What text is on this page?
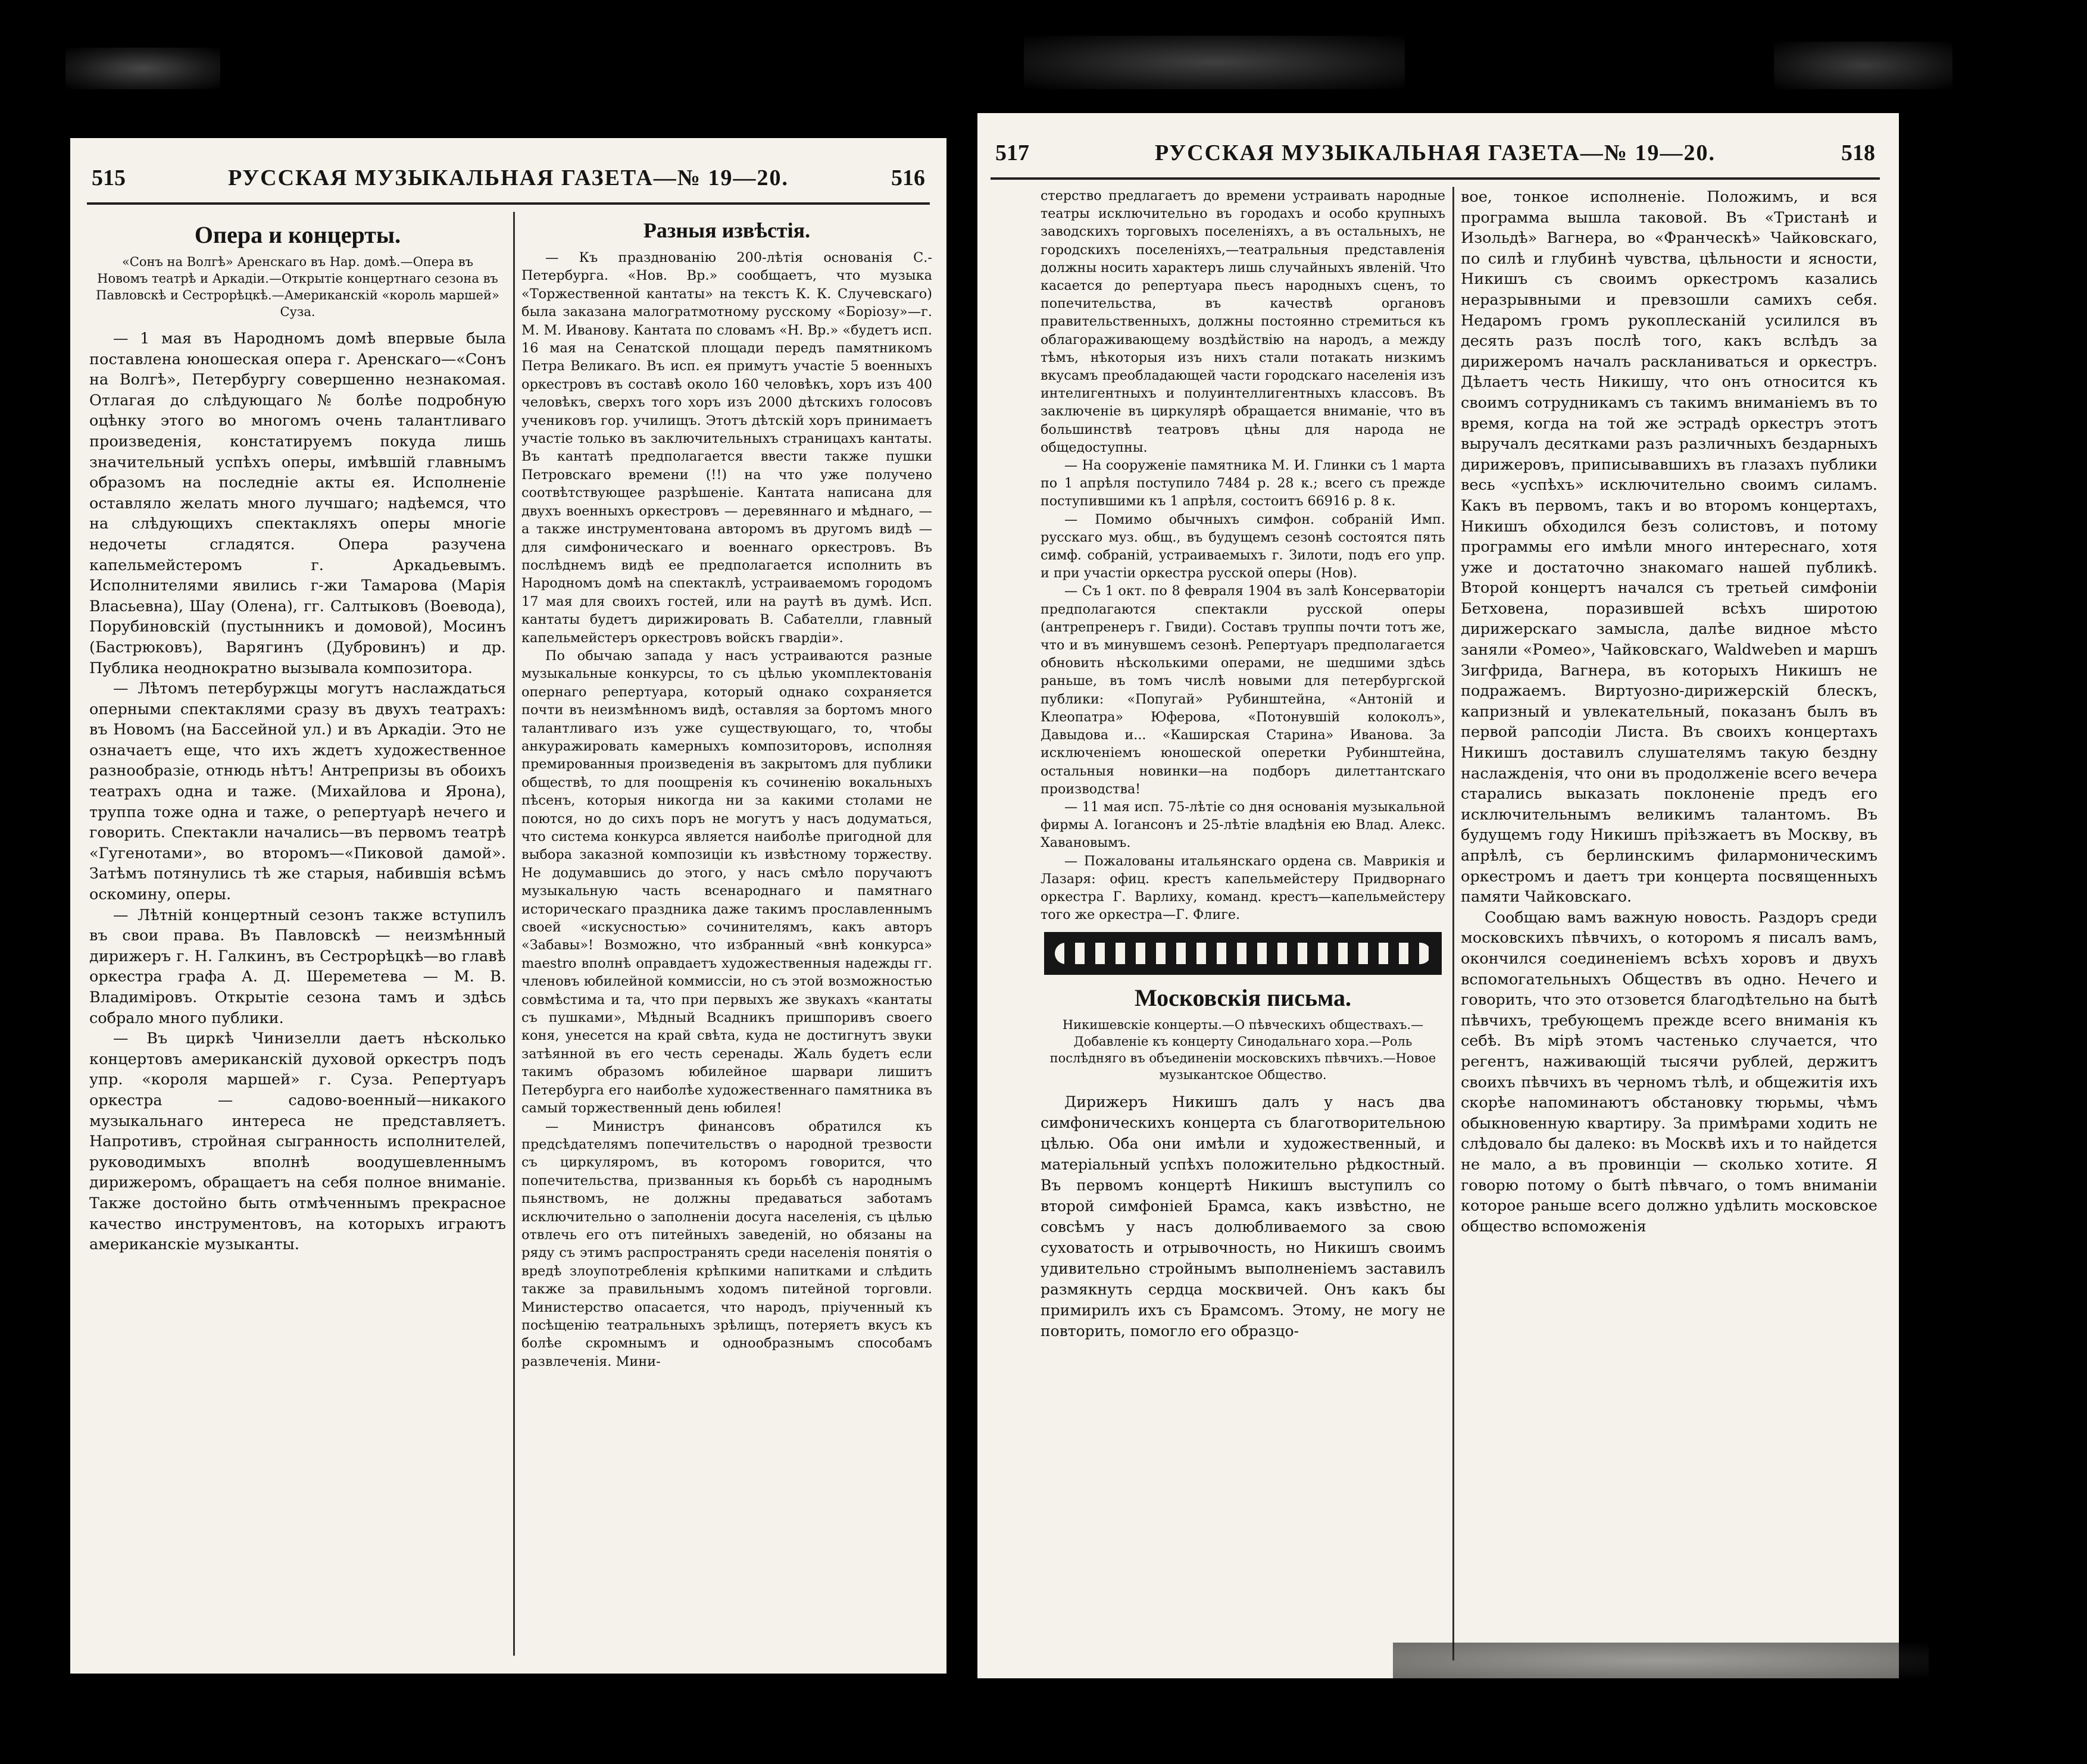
515	РУССКАЯ МУЗЫКАЛЬНАЯ ГАЗЕТА—№ 19—20.	516
Опера и концерты.
«Сонъ на Волгѣ» Аренскаго въ Нар. домѣ.—Опера въ Новомъ театрѣ и Аркадiи.—Открытiе концертнаго сезона въ Павловскѣ и Сестрорѣцкѣ.—Американскiй «король маршей» Суза.

— 1 мая въ Народномъ домѣ впервые была поставлена юношеская опера г. Аренскаго—«Сонъ на Волгѣ», Петербургу совершенно незнакомая. Отлагая до слѣдующаго № болѣе подробную оцѣнку этого во многомъ очень талантливаго произведенiя, констатируемъ покуда лишь значительный успѣхъ оперы, имѣвшiй главнымъ образомъ на последнiе акты ея. Исполненiе оставляло желать много лучшаго; надѣемся, что на слѣдующихъ спектакляхъ оперы многiе недочеты сгладятся. Опера разучена капельмейстеромъ г. Аркадьевымъ. Исполнителями явились г-жи Тамарова (Марiя Власьевна), Шау (Олена), гг. Салтыковъ (Воевода), Порубиновскiй (пустынникъ и домовой), Мосинъ (Бастрюковъ), Варягинъ (Дубровинъ) и др. Публика неоднократно вызывала композитора.

— Лѣтомъ петербуржцы могутъ наслаждаться оперными спектаклями сразу въ двухъ театрахъ: въ Новомъ (на Бассейной ул.) и въ Аркадiи. Это не означаетъ еще, что ихъ ждетъ художественное разнообразiе, отнюдь нѣтъ! Антрепризы въ обоихъ театрахъ одна и таже. (Михайлова и Ярона), труппа тоже одна и таже, о репертуарѣ нечего и говорить. Спектакли начались—въ первомъ театрѣ «Гугенотами», во второмъ—«Пиковой дамой». Затѣмъ потянулись тѣ же старыя, набившiя всѣмъ оскомину, оперы.

— Лѣтнiй концертный сезонъ также вступилъ въ свои права. Въ Павловскѣ — неизмѣнный дирижеръ г. Н. Галкинъ, въ Сестрорѣцкѣ—во главѣ оркестра графа А. Д. Шереметева — М. В. Владимiровъ. Открытiе сезона тамъ и здѣсь собрало много публики.

— Въ циркѣ Чинизелли даетъ нѣсколько концертовъ американскiй духовой оркестръ подъ упр. «короля маршей» г. Суза. Репертуаръ оркестра — садово-военный—никакого музыкальнаго интереса не представляетъ. Напротивъ, стройная сыгранность исполнителей, руководимыхъ вполнѣ воодушевленнымъ дирижеромъ, обращаетъ на себя полное вниманiе. Также достойно быть отмѣченнымъ прекрасное качество инструментовъ, на которыхъ играютъ американскiе музыканты.

Разныя извѣстiя.

— Къ празднованiю 200-лѣтiя основанiя С.-Петербурга. «Нов. Вр.» сообщаетъ, что музыка «Торжественной кантаты» на текстъ К. К. Случевскаго) была заказана малогратмотному русскому «Борiозу»—г. М. М. Иванову. Кантата по словамъ «Н. Вр.» «будетъ исп. 16 мая на Сенатской площади передъ памятникомъ Петра Великаго. Въ исп. ея примутъ участiе 5 военныхъ оркестровъ въ составѣ около 160 человѣкъ, хоръ изъ 400 человѣкъ, сверхъ того хоръ изъ 2000 дѣтскихъ голосовъ учениковъ гор. училищъ. Этотъ дѣтскiй хоръ принимаетъ участiе только въ заключительныхъ страницахъ кантаты. Въ кантатѣ предполагается ввести также пушки Петровскаго времени (!!) на что уже получено соотвѣтствующее разрѣшенiе. Кантата написана для двухъ военныхъ оркестровъ — деревяннаго и мѣднаго, — а также инструментована авторомъ въ другомъ видѣ — для симфоническаго и военнаго оркестровъ. Въ послѣднемъ видѣ ее предполагается исполнить въ Народномъ домѣ на спектаклѣ, устраиваемомъ городомъ 17 мая для своихъ гостей, или на раутѣ въ думѣ. Исп. кантаты будетъ дирижировать В. Сабателли, главный капельмейстеръ оркестровъ войскъ гвардiи».

По обычаю запада у насъ устраиваются разные музыкальные конкурсы, то съ цѣлью укомплектованiя опернаго репертуара, который однако сохраняется почти въ неизмѣнномъ видѣ, оставляя за бортомъ много талантливаго изъ уже существующаго, то, чтобы анкуражировать камерныхъ композиторовъ, исполняя премированныя произведенiя въ закрытомъ для публики обществѣ, то для поощренiя къ сочиненiю вокальныхъ пѣсенъ, которыя никогда ни за какими столами не поются, но до сихъ поръ не могутъ у насъ додуматься, что система конкурса является наиболѣе пригодной для выбора заказной композицiи къ извѣстному торжеству. Не додумавшись до этого, у насъ смѣло поручаютъ музыкальную часть всенароднаго и памятнаго историческаго праздника даже такимъ прославленнымъ своей «искусностью» сочинителямъ, какъ авторъ «Забавы»! Возможно, что избранный «внѣ конкурса» maestro вполнѣ оправдаетъ художественныя надежды гг. членовъ юбилейной коммиссiи, но съ этой возможностью совмѣстима и та, что при первыхъ же звукахъ «кантаты съ пушками», Мѣдный Всадникъ пришпоривъ своего коня, унесется на край свѣта, куда не достигнутъ звуки затѣянной въ его честь серенады. Жаль будетъ если такимъ образомъ юбилейное шарвари лишитъ Петербурга его наиболѣе художественнаго памятника въ самый торжественный день юбилея!

— Министръ финансовъ обратился къ предсѣдателямъ попечительствъ о народной трезвости съ циркуляромъ, въ которомъ говорится, что попечительства, призванныя къ борьбѣ съ народнымъ пьянствомъ, не должны предаваться заботамъ исключительно о заполненiи досуга населенiя, съ цѣлью отвлечь его отъ питейныхъ заведенiй, но обязаны на ряду съ этимъ распространять среди населенiя понятiя о вредѣ злоупотребленiя крѣпкими напитками и слѣдить также за правильнымъ ходомъ питейной торговли. Министерство опасается, что народъ, прiученный къ посѣщенiю театральныхъ зрѣлищъ, потеряетъ вкусъ къ болѣе скромнымъ и однообразнымъ способамъ развлеченiя. Мини-

517	РУССКАЯ МУЗЫКАЛЬНАЯ ГАЗЕТА—№ 19—20.	518

стерство предлагаетъ до времени устраивать народные театры исключительно въ городахъ и особо крупныхъ заводскихъ торговыхъ поселенiяхъ, а въ остальныхъ, не городскихъ поселенiяхъ,—театральныя представленiя должны носить характеръ лишь случайныхъ явленiй. Что касается до репертуара пьесъ народныхъ сценъ, то попечительства, въ качествѣ органовъ правительственныхъ, должны постоянно стремиться къ облагораживающему воздѣйствiю на народъ, а между тѣмъ, нѣкоторыя изъ нихъ стали потакать низкимъ вкусамъ преобладающей части городскаго населенiя изъ интелигентныхъ и полуинтеллигентныхъ классовъ. Въ заключенiе въ циркулярѣ обращается вниманiе, что въ большинствѣ театровъ цѣны для народа не общедоступны.

— На сооруженiе памятника М. И. Глинки съ 1 марта по 1 апрѣля поступило 7484 р. 28 к.; всего съ прежде поступившими къ 1 апрѣля, состоитъ 66916 р. 8 к.

— Помимо обычныхъ симфон. собранiй Имп. русскаго муз. общ., въ будущемъ сезонѣ состоятся пять симф. собранiй, устраиваемыхъ г. Зилоти, подъ его упр. и при участiи оркестра русской оперы (Нов).

— Съ 1 окт. по 8 февраля 1904 въ залѣ Консерваторiи предполагаются спектакли русской оперы (антрепренеръ г. Гвиди). Составъ труппы почти тотъ же, что и въ минувшемъ сезонѣ. Репертуаръ предполагается обновить нѣсколькими операми, не шедшими здѣсь раньше, въ томъ числѣ новыми для петербургской публики: «Попугай» Рубинштейна, «Антонiй и Клеопатра» Юферова, «Потонувшiй колоколъ», Давыдова и... «Каширская Старина» Иванова. За исключенiемъ юношеской оперетки Рубинштейна, остальныя новинки—на подборъ дилеттантскаго производства!

— 11 мая исп. 75-лѣтiе со дня основанiя музыкальной фирмы А. Iогансонъ и 25-лѣтiе владѣнiя ею Влад. Алекс. Хавановымъ.

— Пожалованы итальянскаго ордена св. Маврикiя и Лазаря: офиц. крестъ капельмейстеру Придворнаго оркестра Г. Варлиху, команд. крестъ—капельмейстеру того же оркестра—Г. Флиге.

Московскiя письма.
Никишевскiе концерты.—О пѣвческихъ обществахъ.—Добавленiе къ концерту Синодальнаго хора.—Роль послѣдняго въ объединенiи московскихъ пѣвчихъ.—Новое музыкантское Общество.

Дирижеръ Никишъ далъ у насъ два симфоническихъ концерта съ благотворительною цѣлью. Оба они имѣли и художественный, и матерiальный успѣхъ положительно рѣдкостный. Въ первомъ концертѣ Никишъ выступилъ со второй симфонiей Брамса, какъ извѣстно, не совсѣмъ у насъ долюбливаемого за свою суховатость и отрывочность, но Никишъ своимъ удивительно стройнымъ выполненiемъ заставилъ размякнуть сердца москвичей. Онъ какъ бы примирилъ ихъ съ Брамсомъ. Этому, не могу не повторить, помогло его образцо-

вое, тонкое исполненiе. Положимъ, и вся программа вышла таковой. Въ «Тристанѣ и Изольдѣ» Вагнера, во «Франческѣ» Чайковскаго, по силѣ и глубинѣ чувства, цѣльности и ясности, Никишъ съ своимъ оркестромъ казались неразрывными и превзошли самихъ себя. Недаромъ громъ рукоплесканiй усилился въ десять разъ послѣ того, какъ вслѣдъ за дирижеромъ началъ раскланиваться и оркестръ. Дѣлаетъ честь Никишу, что онъ относится къ своимъ сотрудникамъ съ такимъ вниманiемъ въ то время, когда на той же эстрадѣ оркестръ этотъ выручалъ десятками разъ различныхъ бездарныхъ дирижеровъ, приписывавшихъ въ глазахъ публики весь «успѣхъ» исключительно своимъ силамъ. Какъ въ первомъ, такъ и во второмъ концертахъ, Никишъ обходился безъ солистовъ, и потому программы его имѣли много интереснаго, хотя уже и достаточно знакомаго нашей публикѣ. Второй концертъ начался съ третьей симфонiи Бетховена, поразившей всѣхъ широтою дирижерскаго замысла, далѣе видное мѣсто заняли «Ромео», Чайковскаго, Waldweben и маршъ Зигфрида, Вагнера, въ которыхъ Никишъ не подражаемъ. Виртуозно-дирижерскiй блескъ, капризный и увлекательный, показанъ былъ въ первой рапсодiи Листа. Въ своихъ концертахъ Никишъ доставилъ слушателямъ такую бездну наслажденiя, что они въ продолженiе всего вечера старались выказать поклоненiе предъ его исключительнымъ великимъ талантомъ. Въ будущемъ году Никишъ прiѣзжаетъ въ Москву, въ апрѣлѣ, съ берлинскимъ филармоническимъ оркестромъ и даетъ три концерта посвященныхъ памяти Чайковскаго.

Сообщаю вамъ важную новость. Раздоръ среди московскихъ пѣвчихъ, о которомъ я писалъ вамъ, окончился соединенiемъ всѣхъ хоровъ и двухъ вспомогательныхъ Обществъ въ одно. Нечего и говорить, что это отзовется благодѣтельно на бытѣ пѣвчихъ, требующемъ прежде всего вниманiя къ себѣ. Въ мiрѣ этомъ частенько случается, что регентъ, наживающiй тысячи рублей, держитъ своихъ пѣвчихъ въ черномъ тѣлѣ, и общежитiя ихъ скорѣе напоминаютъ обстановку тюрьмы, чѣмъ обыкновенную квартиру. За примѣрами ходить не слѣдовало бы далеко: въ Москвѣ ихъ и то найдется не мало, а въ провинцiи — сколько хотите. Я говорю потому о бытѣ пѣвчаго, о томъ вниманiи которое раньше всего должно удѣлить московское общество вспоможенiя
